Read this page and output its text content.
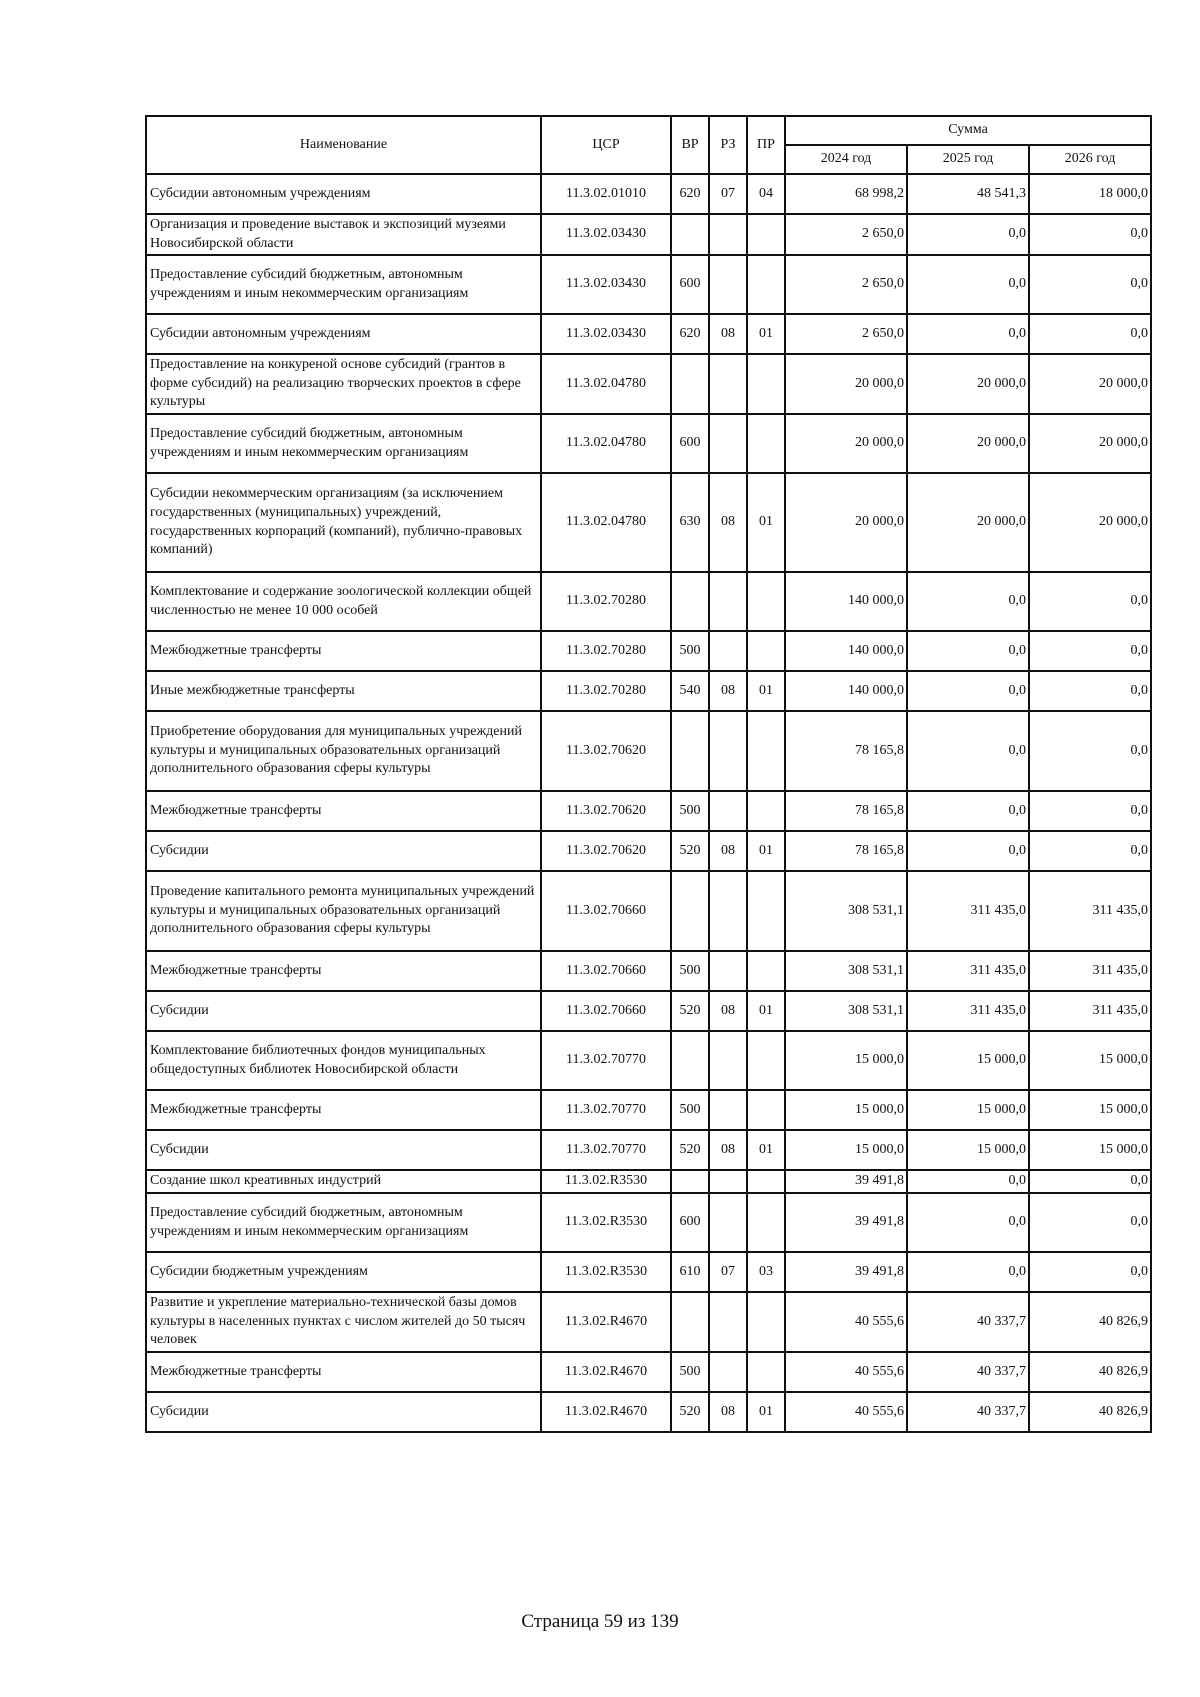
Наименование	ЦСР	ВР	РЗ	ПР	Сумма		
					2024 год	2025 год	2026 год
Субсидии автономным учреждениям	11.3.02.01010	620	07	04	68 998,2	48 541,3	18 000,0
Организация и проведение выставок и экспозиций музеями Новосибирской области	11.3.02.03430				2 650,0	0,0	0,0
Предоставление субсидий бюджетным, автономным учреждениям и иным некоммерческим организациям	11.3.02.03430	600			2 650,0	0,0	0,0
Субсидии автономным учреждениям	11.3.02.03430	620	08	01	2 650,0	0,0	0,0
Предоставление на конкуреной основе субсидий (грантов в форме субсидий) на реализацию творческих проектов в сфере культуры	11.3.02.04780				20 000,0	20 000,0	20 000,0
Предоставление субсидий бюджетным, автономным учреждениям и иным некоммерческим организациям	11.3.02.04780	600			20 000,0	20 000,0	20 000,0
Субсидии некоммерческим организациям (за исключением государственных (муниципальных) учреждений, государственных корпораций (компаний), публично-правовых компаний)	11.3.02.04780	630	08	01	20 000,0	20 000,0	20 000,0
Комплектование и содержание зоологической коллекции общей численностью не менее 10 000 особей	11.3.02.70280				140 000,0	0,0	0,0
Межбюджетные трансферты	11.3.02.70280	500			140 000,0	0,0	0,0
Иные межбюджетные трансферты	11.3.02.70280	540	08	01	140 000,0	0,0	0,0
Приобретение оборудования для муниципальных учреждений культуры и муниципальных образовательных организаций дополнительного образования сферы культуры	11.3.02.70620				78 165,8	0,0	0,0
Межбюджетные трансферты	11.3.02.70620	500			78 165,8	0,0	0,0
Субсидии	11.3.02.70620	520	08	01	78 165,8	0,0	0,0
Проведение капитального ремонта муниципальных учреждений культуры и муниципальных образовательных организаций дополнительного образования сферы культуры	11.3.02.70660				308 531,1	311 435,0	311 435,0
Межбюджетные трансферты	11.3.02.70660	500			308 531,1	311 435,0	311 435,0
Субсидии	11.3.02.70660	520	08	01	308 531,1	311 435,0	311 435,0
Комплектование библиотечных фондов муниципальных общедоступных библиотек Новосибирской области	11.3.02.70770				15 000,0	15 000,0	15 000,0
Межбюджетные трансферты	11.3.02.70770	500			15 000,0	15 000,0	15 000,0
Субсидии	11.3.02.70770	520	08	01	15 000,0	15 000,0	15 000,0
Создание школ креативных индустрий	11.3.02.R3530				39 491,8	0,0	0,0
Предоставление субсидий бюджетным, автономным учреждениям и иным некоммерческим организациям	11.3.02.R3530	600			39 491,8	0,0	0,0
Субсидии бюджетным учреждениям	11.3.02.R3530	610	07	03	39 491,8	0,0	0,0
Развитие и укрепление материально-технической базы домов культуры в населенных пунктах с числом жителей до 50 тысяч человек	11.3.02.R4670				40 555,6	40 337,7	40 826,9
Межбюджетные трансферты	11.3.02.R4670	500			40 555,6	40 337,7	40 826,9
Субсидии	11.3.02.R4670	520	08	01	40 555,6	40 337,7	40 826,9
Страница 59 из 139
